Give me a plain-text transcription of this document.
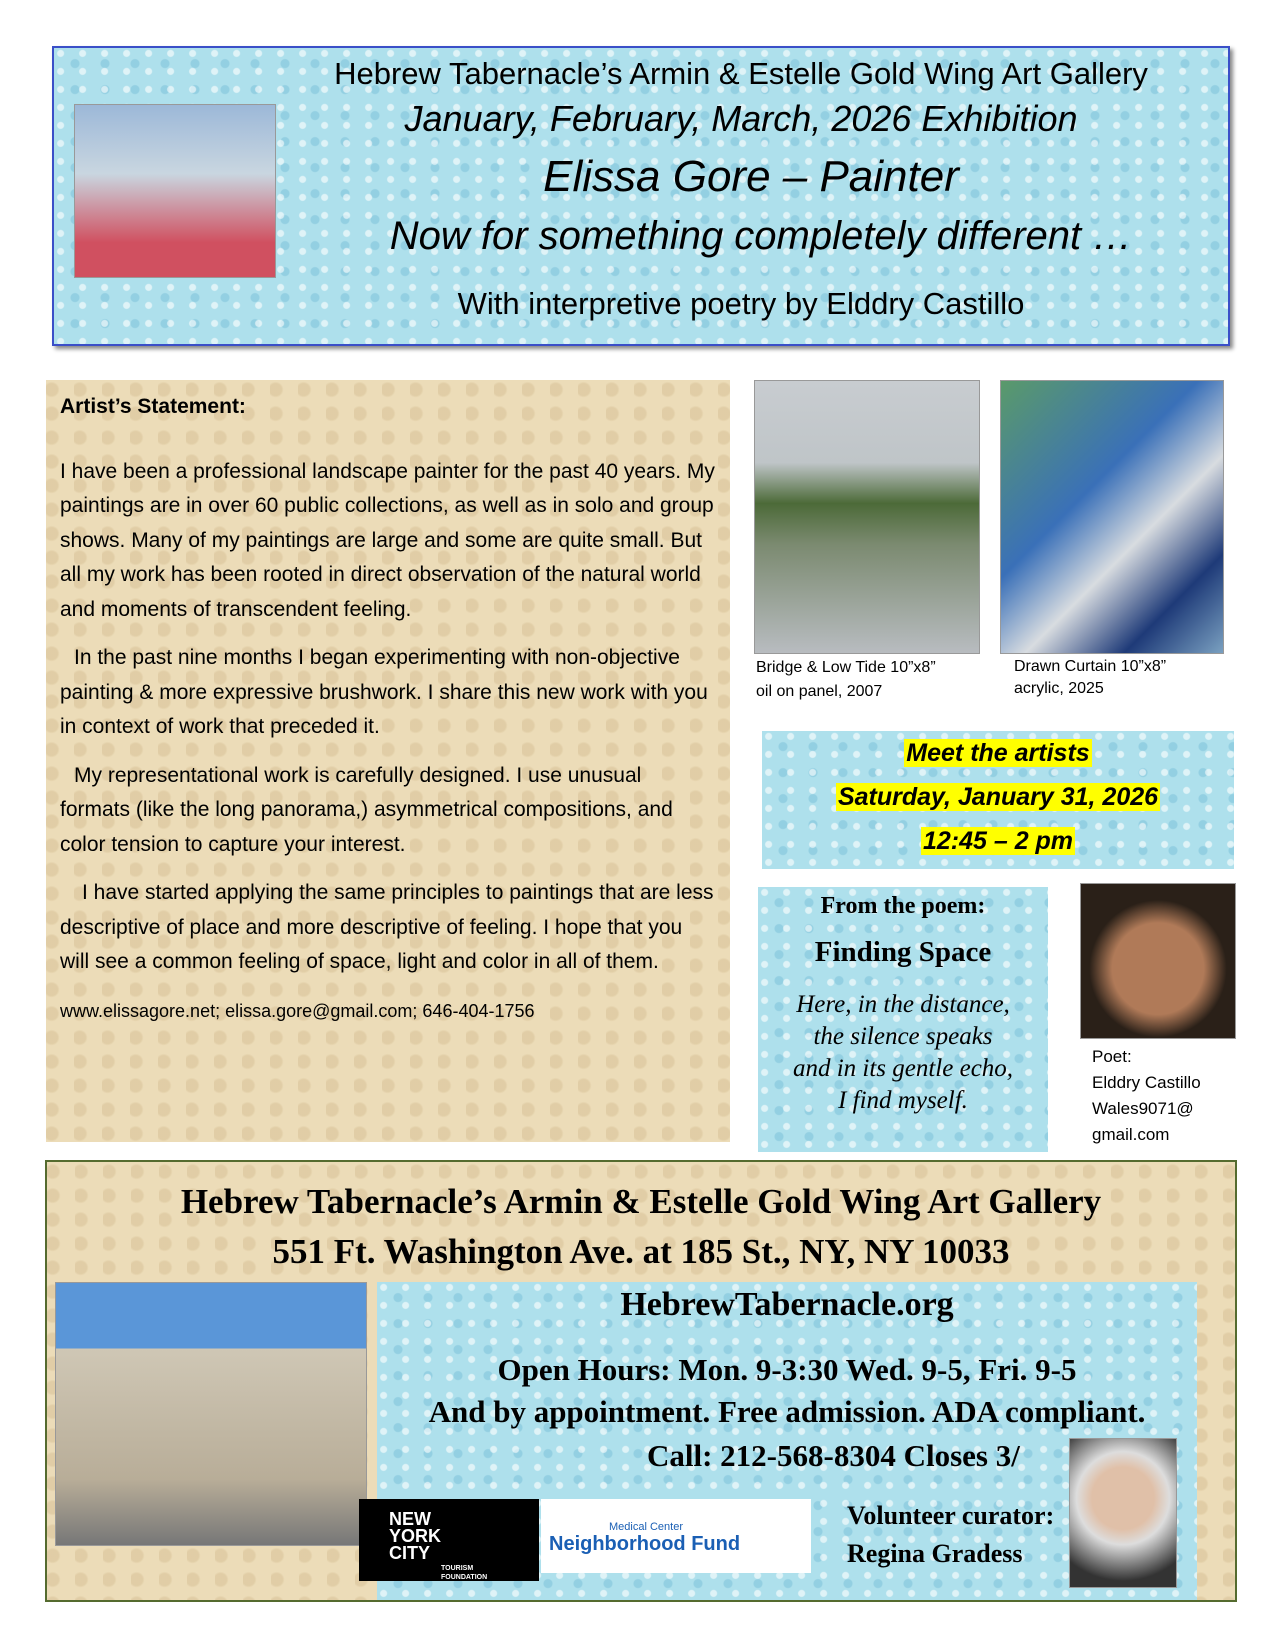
Hebrew Tabernacle’s Armin & Estelle Gold Wing Art Gallery
January, February, March, 2026 Exhibition
Elissa Gore – Painter
Now for something completely different …
With interpretive poetry by Elddry Castillo

Artist’s Statement:

I have been a professional landscape painter for the past 40 years. My paintings are in over 60 public collections, as well as in solo and group shows. Many of my paintings are large and some are quite small. But all my work has been rooted in direct observation of the natural world and moments of transcendent feeling.

In the past nine months I began experimenting with non-objective painting & more expressive brushwork. I share this new work with you in context of work that preceded it.

My representational work is carefully designed. I use unusual formats (like the long panorama,) asymmetrical compositions, and color tension to capture your interest.

I have started applying the same principles to paintings that are less descriptive of place and more descriptive of feeling. I hope that you will see a common feeling of space, light and color in all of them.

www.elissagore.net; elissa.gore@gmail.com; 646-404-1756

Bridge & Low Tide 10”x8”
oil on panel, 2007
Drawn Curtain 10”x8”
acrylic, 2025
Meet the artists
Saturday, January 31, 2026
12:45 – 2 pm
From the poem:
Finding Space
Here, in the distance,
the silence speaks
and in its gentle echo,
I find myself.
Poet:
Elddry Castillo
Wales9071@
gmail.com
Hebrew Tabernacle’s Armin & Estelle Gold Wing Art Gallery
551 Ft. Washington Ave. at 185 St., NY, NY 10033
HebrewTabernacle.org
Open Hours: Mon. 9-3:30 Wed. 9-5, Fri. 9-5
And by appointment. Free admission. ADA compliant.
Call: 212-568-8304 Closes 3/
Volunteer curator:
Regina Gradess
NEW YORK CITY
TOURISM FOUNDATION
Medical Center
Neighborhood Fund
